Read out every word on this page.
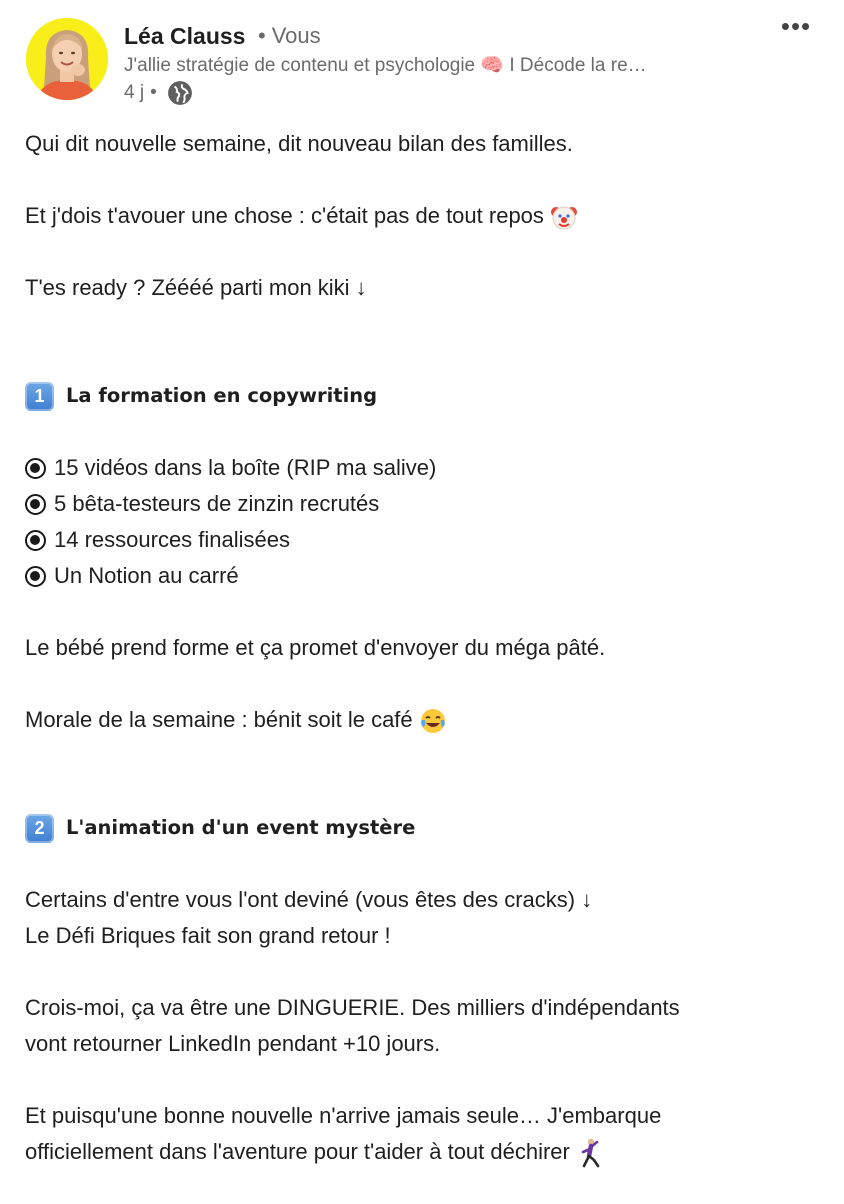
Léa Clauss • Vous
J'allie stratégie de contenu et psychologie 🧠 I Décode la re…
4 j •
•••

Qui dit nouvelle semaine, dit nouveau bilan des familles.

Et j'dois t'avouer une chose : c'était pas de tout repos

T'es ready ? Zéééé parti mon kiki ↓

1	La formation en copywriting
15 vidéos dans la boîte (RIP ma salive)
5 bêta-testeurs de zinzin recrutés
14 ressources finalisées
Un Notion au carré

Le bébé prend forme et ça promet d'envoyer du méga pâté.

Morale de la semaine : bénit soit le café

2	L'animation d'un event mystère

Certains d'entre vous l'ont deviné (vous êtes des cracks) ↓

Le Défi Briques fait son grand retour !

Crois-moi, ça va être une DINGUERIE. Des milliers d'indépendants

vont retourner LinkedIn pendant +10 jours.

Et puisqu'une bonne nouvelle n'arrive jamais seule… J'embarque

officiellement dans l'aventure pour t'aider à tout déchirer
